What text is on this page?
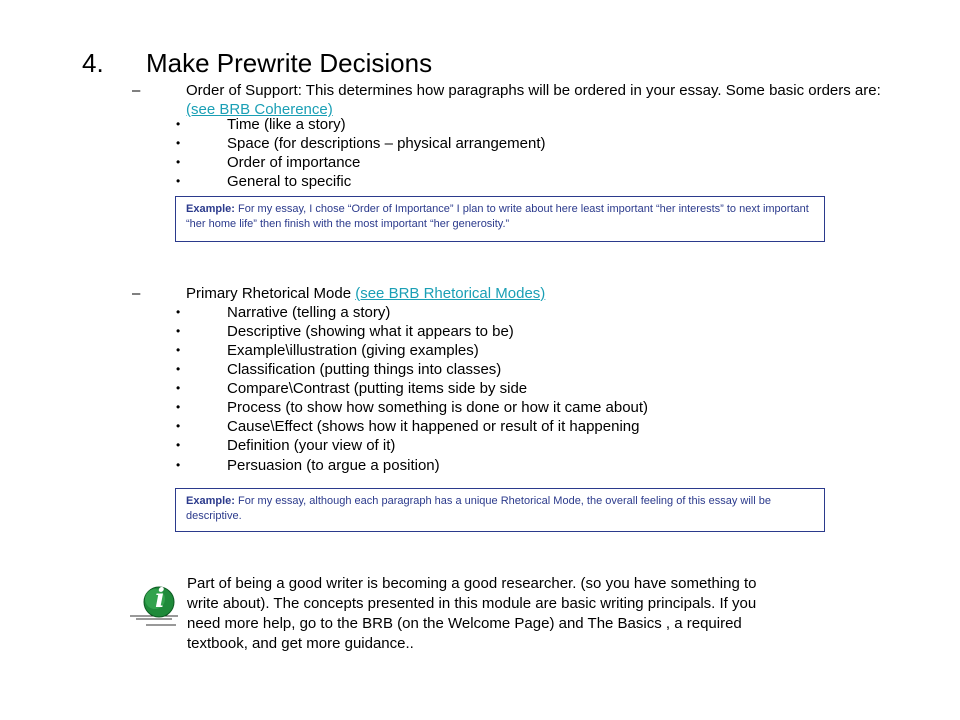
4. Make Prewrite Decisions
–	Order of Support: This determines how paragraphs will be ordered in your essay. Some basic orders are:
(see BRB Coherence)
•	Time (like a story)
•	Space (for descriptions – physical arrangement)
•	Order of importance
•	General to specific
Example: For my essay, I chose “Order of Importance” I plan to write about here least important “her interests” to next important “her home life” then finish with the most important “her generosity.”
–	Primary Rhetorical Mode (see BRB Rhetorical Modes)
•	Narrative (telling a story)
•	Descriptive (showing what it appears to be)
•	Example\illustration (giving examples)
•	Classification (putting things into classes)
•	Compare\Contrast (putting items side by side
•	Process (to show how something is done or how it came about)
•	Cause\Effect (shows how it happened or result of it happening
•	Definition (your view of it)
•	Persuasion (to argue a position)
Example: For my essay, although each paragraph has a unique Rhetorical Mode, the overall feeling of this essay will be descriptive.
i
Part of being a good writer is becoming a good researcher. (so you have something to
write about). The concepts presented in this module are basic writing principals. If you
need more help, go to the BRB (on the Welcome Page) and The Basics , a required
textbook, and get more guidance..
